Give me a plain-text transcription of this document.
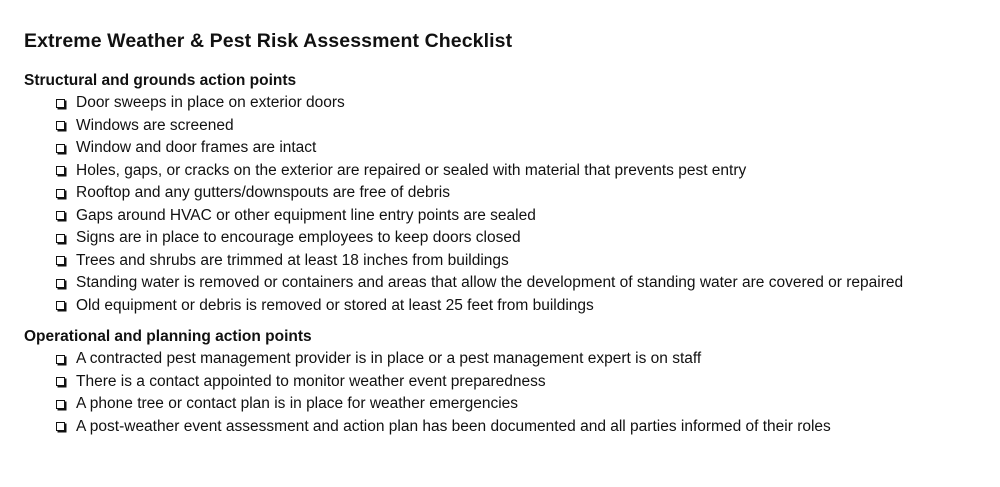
Extreme Weather & Pest Risk Assessment Checklist
Structural and grounds action points
Door sweeps in place on exterior doors
Windows are screened
Window and door frames are intact
Holes, gaps, or cracks on the exterior are repaired or sealed with material that prevents pest entry
Rooftop and any gutters/downspouts are free of debris
Gaps around HVAC or other equipment line entry points are sealed
Signs are in place to encourage employees to keep doors closed
Trees and shrubs are trimmed at least 18 inches from buildings
Standing water is removed or containers and areas that allow the development of standing water are covered or repaired
Old equipment or debris is removed or stored at least 25 feet from buildings
Operational and planning action points
A contracted pest management provider is in place or a pest management expert is on staff
There is a contact appointed to monitor weather event preparedness
A phone tree or contact plan is in place for weather emergencies
A post-weather event assessment and action plan has been documented and all parties informed of their roles
